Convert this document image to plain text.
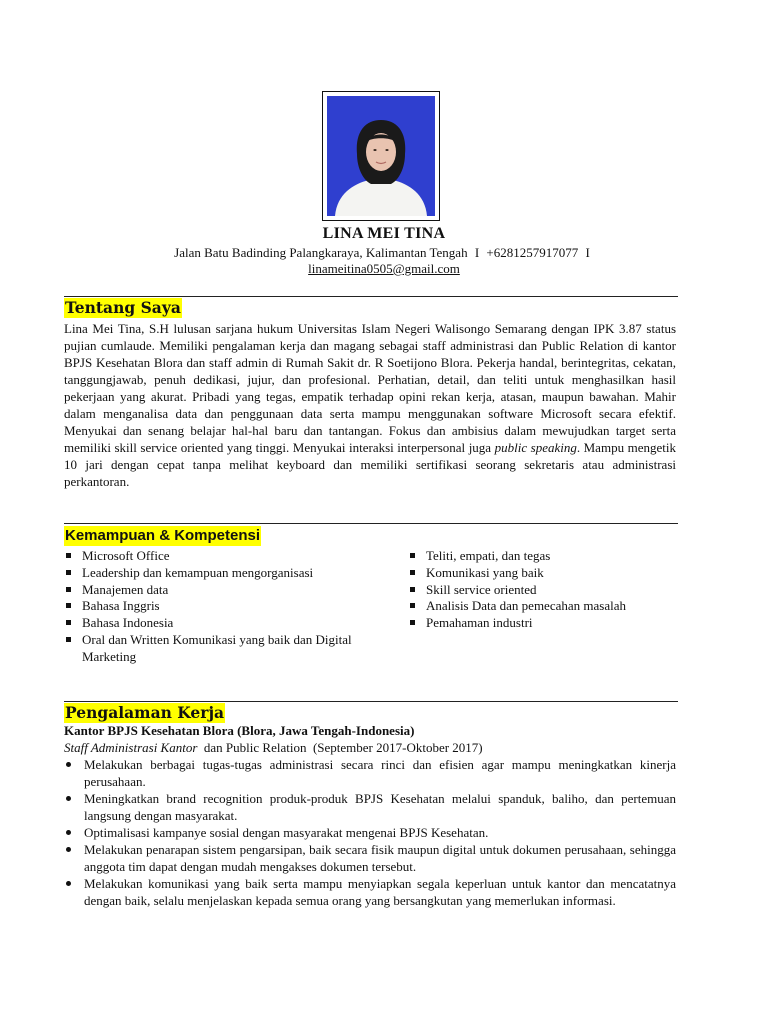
LINA MEI TINA
Jalan Batu Badinding Palangkaraya, Kalimantan Tengah I +6281257917077 I
linameitina0505@gmail.com
Tentang Saya
Lina Mei Tina, S.H lulusan sarjana hukum Universitas Islam Negeri Walisongo Semarang dengan IPK 3.87 status pujian cumlaude. Memiliki pengalaman kerja dan magang sebagai staff administrasi dan Public Relation di kantor BPJS Kesehatan Blora dan staff admin di Rumah Sakit dr. R Soetijono Blora. Pekerja handal, berintegritas, cekatan, tanggungjawab, penuh dedikasi, jujur, dan profesional. Perhatian, detail, dan teliti untuk menghasilkan hasil pekerjaan yang akurat. Pribadi yang tegas, empatik terhadap opini rekan kerja, atasan, maupun bawahan. Mahir dalam menganalisa data dan penggunaan data serta mampu menggunakan software Microsoft secara efektif. Menyukai dan senang belajar hal-hal baru dan tantangan. Fokus dan ambisius dalam mewujudkan target serta memiliki skill service oriented yang tinggi. Menyukai interaksi interpersonal juga public speaking. Mampu mengetik 10 jari dengan cepat tanpa melihat keyboard dan memiliki sertifikasi seorang sekretaris atau administrasi perkantoran.
Kemampuan & Kompetensi
Microsoft Office
Leadership dan kemampuan mengorganisasi
Manajemen data
Bahasa Inggris
Bahasa Indonesia
Oral dan Written Komunikasi yang baik dan Digital Marketing
Teliti, empati, dan tegas
Komunikasi yang baik
Skill service oriented
Analisis Data dan pemecahan masalah
Pemahaman industri
Pengalaman Kerja
Kantor BPJS Kesehatan Blora (Blora, Jawa Tengah-Indonesia)
Staff Administrasi Kantor  dan Public Relation  (September 2017-Oktober 2017)
Melakukan berbagai tugas-tugas administrasi secara rinci dan efisien agar mampu meningkatkan kinerja perusahaan.
Meningkatkan brand recognition produk-produk BPJS Kesehatan melalui spanduk, baliho, dan pertemuan langsung dengan masyarakat.
Optimalisasi kampanye sosial dengan masyarakat mengenai BPJS Kesehatan.
Melakukan penarapan sistem pengarsipan, baik secara fisik maupun digital untuk dokumen perusahaan, sehingga anggota tim dapat dengan mudah mengakses dokumen tersebut.
Melakukan komunikasi yang baik serta mampu menyiapkan segala keperluan untuk kantor dan mencatatnya dengan baik, selalu menjelaskan kepada semua orang yang bersangkutan yang memerlukan informasi.
